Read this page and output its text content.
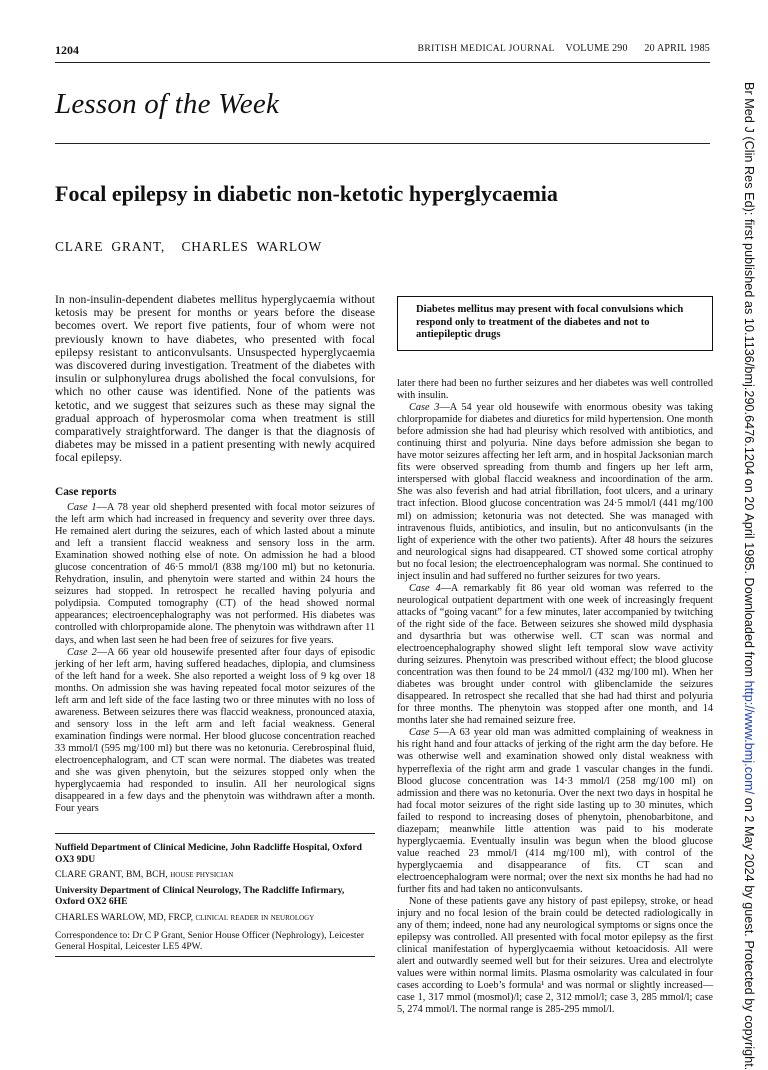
1204	BRITISH MEDICAL JOURNAL VOLUME 290 20 APRIL 1985
Lesson of the Week
Focal epilepsy in diabetic non-ketotic hyperglycaemia
CLARE GRANT,  CHARLES WARLOW
In non-insulin-dependent diabetes mellitus hyperglycaemia without ketosis may be present for months or years before the disease becomes overt. We report five patients, four of whom were not previously known to have diabetes, who presented with focal epilepsy resistant to anticonvulsants. Unsuspected hyperglycaemia was discovered during investigation. Treatment of the diabetes with insulin or sulphonylurea drugs abolished the focal convulsions, for which no other cause was identified. None of the patients was ketotic, and we suggest that seizures such as these may signal the gradual approach of hyperosmolar coma when treatment is still comparatively straightforward. The danger is that the diagnosis of diabetes may be missed in a patient presenting with newly acquired focal epilepsy.
Diabetes mellitus may present with focal convulsions which respond only to treatment of the diabetes and not to antiepileptic drugs
Case reports

Case 1—A 78 year old shepherd presented with focal motor seizures of the left arm which had increased in frequency and severity over three days. He remained alert during the seizures, each of which lasted about a minute and left a transient flaccid weakness and sensory loss in the arm. Examination showed nothing else of note. On admission he had a blood glucose concentration of 46·5 mmol/l (838 mg/100 ml) but no ketonuria. Rehydration, insulin, and phenytoin were started and within 24 hours the seizures had stopped. In retrospect he recalled having polyuria and polydipsia. Computed tomography (CT) of the head showed normal appearances; electroencephalography was not performed. His diabetes was controlled with chlorpropamide alone. The phenytoin was withdrawn after 11 days, and when last seen he had been free of seizures for five years.

Case 2—A 66 year old housewife presented after four days of episodic jerking of her left arm, having suffered headaches, diplopia, and clumsiness of the left hand for a week. She also reported a weight loss of 9 kg over 18 months. On admission she was having repeated focal motor seizures of the left arm and left side of the face lasting two or three minutes with no loss of awareness. Between seizures there was flaccid weakness, pronounced ataxia, and sensory loss in the left arm and left facial weakness. General examination findings were normal. Her blood glucose concentration reached 33 mmol/l (595 mg/100 ml) but there was no ketonuria. Cerebrospinal fluid, electroencephalogram, and CT scan were normal. The diabetes was treated and she was given phenytoin, but the seizures stopped only when the hyperglycaemia had responded to insulin. All her neurological signs disappeared in a few days and the phenytoin was withdrawn after a month. Four years

Nuffield Department of Clinical Medicine, John Radcliffe Hospital, Oxford OX3 9DU

CLARE GRANT, BM, BCH, house physician

University Department of Clinical Neurology, The Radcliffe Infirmary, Oxford OX2 6HE

CHARLES WARLOW, MD, FRCP, clinical reader in neurology

Correspondence to: Dr C P Grant, Senior House Officer (Nephrology), Leicester General Hospital, Leicester LE5 4PW.

later there had been no further seizures and her diabetes was well controlled with insulin.

Case 3—A 54 year old housewife with enormous obesity was taking chlorpropamide for diabetes and diuretics for mild hypertension. One month before admission she had had pleurisy which resolved with antibiotics, and continuing thirst and polyuria. Nine days before admission she began to have motor seizures affecting her left arm, and in hospital Jacksonian march fits were observed spreading from thumb and fingers up her left arm, interspersed with global flaccid weakness and incoordination of the arm. She was also feverish and had atrial fibrillation, foot ulcers, and a urinary tract infection. Blood glucose concentration was 24·5 mmol/l (441 mg/100 ml) on admission; ketonuria was not detected. She was managed with intravenous fluids, antibiotics, and insulin, but no anticonvulsants (in the light of experience with the other two patients). After 48 hours the seizures and neurological signs had disappeared. CT showed some cortical atrophy but no focal lesion; the electroencephalogram was normal. She continued to inject insulin and had suffered no further seizures for two years.

Case 4—A remarkably fit 86 year old woman was referred to the neurological outpatient department with one week of increasingly frequent attacks of “going vacant” for a few minutes, later accompanied by twitching of the right side of the face. Between seizures she showed mild dysphasia and dysarthria but was otherwise well. CT scan was normal and electroencephalography showed slight left temporal slow wave activity during seizures. Phenytoin was prescribed without effect; the blood glucose concentration was then found to be 24 mmol/l (432 mg/100 ml). When her diabetes was brought under control with glibenclamide the seizures disappeared. In retrospect she recalled that she had had thirst and polyuria for three months. The phenytoin was stopped after one month, and 14 months later she had remained seizure free.

Case 5—A 63 year old man was admitted complaining of weakness in his right hand and four attacks of jerking of the right arm the day before. He was otherwise well and examination showed only distal weakness with hyperreflexia of the right arm and grade 1 vascular changes in the fundi. Blood glucose concentration was 14·3 mmol/l (258 mg/100 ml) on admission and there was no ketonuria. Over the next two days in hospital he had focal motor seizures of the right side lasting up to 30 minutes, which failed to respond to increasing doses of phenytoin, phenobarbitone, and diazepam; meanwhile little attention was paid to his moderate hyperglycaemia. Eventually insulin was begun when the blood glucose value reached 23 mmol/l (414 mg/100 ml), with control of the hyperglycaemia and disappearance of fits. CT scan and electroencephalogram were normal; over the next six months he had had no further fits and had taken no anticonvulsants.

None of these patients gave any history of past epilepsy, stroke, or head injury and no focal lesion of the brain could be detected radiologically in any of them; indeed, none had any neurological symptoms or signs once the epilepsy was controlled. All presented with focal motor epilepsy as the first clinical manifestation of hyperglycaemia without ketoacidosis. All were alert and outwardly seemed well but for their seizures. Urea and electrolyte values were within normal limits. Plasma osmolarity was calculated in four cases according to Loeb’s formula¹ and was normal or slightly increased—case 1, 317 mmol (mosmol)/l; case 2, 312 mmol/l; case 3, 285 mmol/l; case 5, 274 mmol/l. The normal range is 285-295 mmol/l.

Br Med J (Clin Res Ed): first published as 10.1136/bmj.290.6476.1204 on 20 April 1985. Downloaded from http://www.bmj.com/ on 2 May 2024 by guest. Protected by copyright.
